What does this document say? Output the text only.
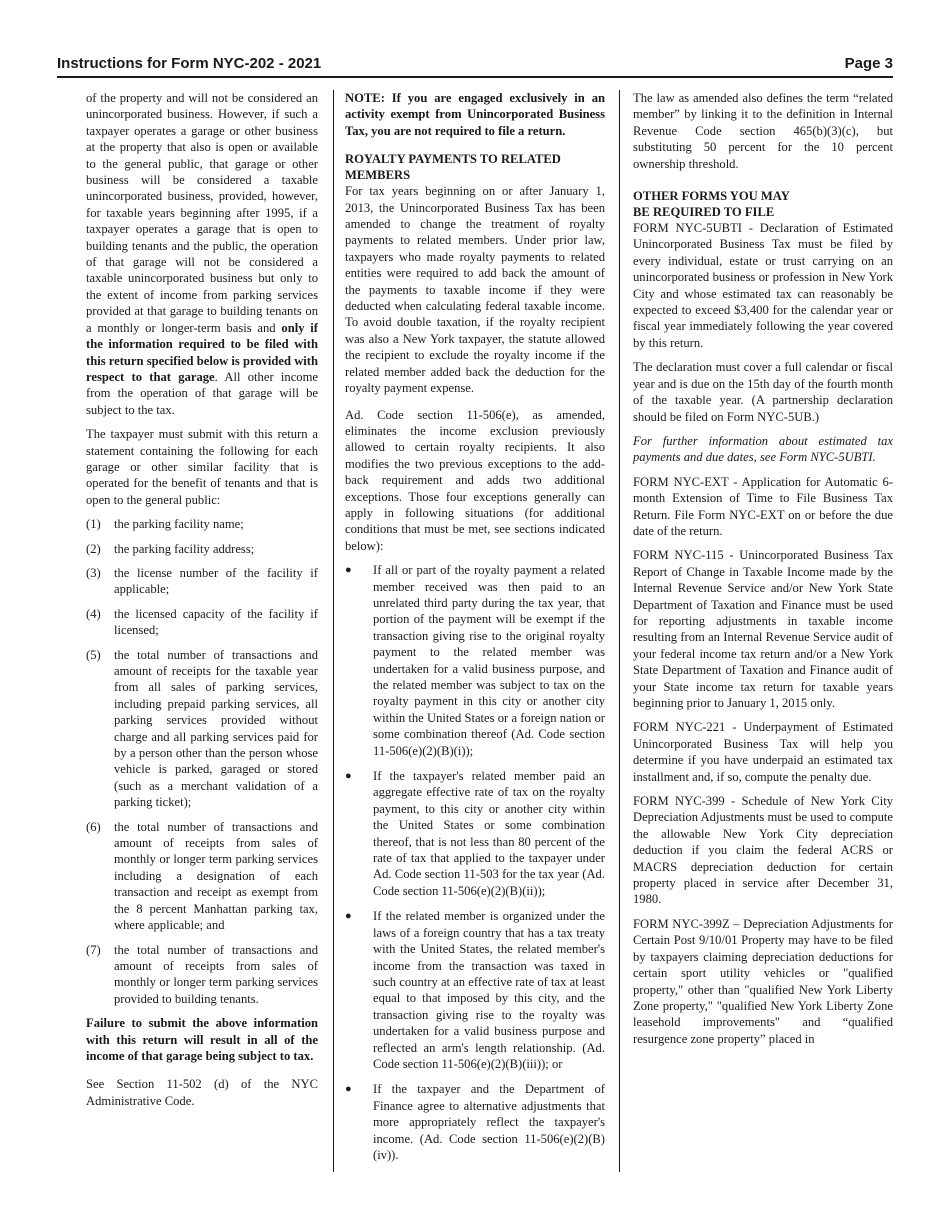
Instructions for Form NYC-202 - 2021	Page 3

of the property and will not be considered an unincorporated business. However, if such a taxpayer operates a garage or other business at the property that also is open or available to the general public, that garage or other business will be considered a taxable unincorporated business, provided, however, for taxable years beginning after 1995, if a taxpayer operates a garage that is open to building tenants and the public, the operation of that garage will not be considered a taxable unincorporated business but only to the extent of income from parking services provided at that garage to building tenants on a monthly or longer-term basis and only if the information required to be filed with this return specified below is provided with respect to that garage. All other income from the operation of that garage will be subject to the tax.

The taxpayer must submit with this return a statement containing the following for each garage or other similar facility that is operated for the benefit of tenants and that is open to the general public:

(1) the parking facility name;
(2) the parking facility address;
(3) the license number of the facility if applicable;
(4) the licensed capacity of the facility if licensed;
(5) the total number of transactions and amount of receipts for the taxable year from all sales of parking services, including prepaid parking services, all parking services provided without charge and all parking services paid for by a person other than the person whose vehicle is parked, garaged or stored (such as a merchant validation of a parking ticket);
(6) the total number of transactions and amount of receipts from sales of monthly or longer term parking services including a designation of each transaction and receipt as exempt from the 8 percent Manhattan parking tax, where applicable; and
(7) the total number of transactions and amount of receipts from sales of monthly or longer term parking services provided to building tenants.

Failure to submit the above information with this return will result in all of the income of that garage being subject to tax.

See Section 11-502 (d) of the NYC Administrative Code.

NOTE: If you are engaged exclusively in an activity exempt from Unincorporated Business Tax, you are not required to file a return.

ROYALTY PAYMENTS TO RELATED MEMBERS

For tax years beginning on or after January 1, 2013, the Unincorporated Business Tax has been amended to change the treatment of royalty payments to related members. Under prior law, taxpayers who made royalty payments to related entities were required to add back the amount of the payments to taxable income if they were deducted when calculating federal taxable income. To avoid double taxation, if the royalty recipient was also a New York taxpayer, the statute allowed the recipient to exclude the royalty income if the related member added back the deduction for the royalty payment expense.

Ad. Code section 11-506(e), as amended, eliminates the income exclusion previously allowed to certain royalty recipients. It also modifies the two previous exceptions to the add-back requirement and adds two additional exceptions. Those four exceptions generally can apply in following situations (for additional conditions that must be met, see sections indicated below):

● If all or part of the royalty payment a related member received was then paid to an unrelated third party during the tax year, that portion of the payment will be exempt if the transaction giving rise to the original royalty payment to the related member was undertaken for a valid business purpose, and the related member was subject to tax on the royalty payment in this city or another city within the United States or a foreign nation or some combination thereof (Ad. Code section 11-506(e)(2)(B)(i));
● If the taxpayer's related member paid an aggregate effective rate of tax on the royalty payment, to this city or another city within the United States or some combination thereof, that is not less than 80 percent of the rate of tax that applied to the taxpayer under Ad. Code section 11-503 for the tax year (Ad. Code section 11-506(e)(2)(B)(ii));
● If the related member is organized under the laws of a foreign country that has a tax treaty with the United States, the related member's income from the transaction was taxed in such country at an effective rate of tax at least equal to that imposed by this city, and the transaction giving rise to the royalty was undertaken for a valid business purpose and reflected an arm's length relationship. (Ad. Code section 11-506(e)(2)(B)(iii)); or
● If the taxpayer and the Department of Finance agree to alternative adjustments that more appropriately reflect the taxpayer's income. (Ad. Code section 11-506(e)(2)(B)(iv)).

The law as amended also defines the term “related member” by linking it to the definition in Internal Revenue Code section 465(b)(3)(c), but substituting 50 percent for the 10 percent ownership threshold.

OTHER FORMS YOU MAY
BE REQUIRED TO FILE

FORM NYC-5UBTI - Declaration of Estimated Unincorporated Business Tax must be filed by every individual, estate or trust carrying on an unincorporated business or profession in New York City and whose estimated tax can reasonably be expected to exceed $3,400 for the calendar year or fiscal year immediately following the year covered by this return.

The declaration must cover a full calendar or fiscal year and is due on the 15th day of the fourth month of the taxable year. (A partnership declaration should be filed on Form NYC-5UB.)

For further information about estimated tax payments and due dates, see Form NYC-5UBTI.

FORM NYC-EXT - Application for Automatic 6-month Extension of Time to File Business Tax Return. File Form NYC-EXT on or before the due date of the return.

FORM NYC-115 - Unincorporated Business Tax Report of Change in Taxable Income made by the Internal Revenue Service and/or New York State Department of Taxation and Finance must be used for reporting adjustments in taxable income resulting from an Internal Revenue Service audit of your federal income tax return and/or a New York State Department of Taxation and Finance audit of your State income tax return for taxable years beginning prior to January 1, 2015 only.

FORM NYC-221 - Underpayment of Estimated Unincorporated Business Tax will help you determine if you have underpaid an estimated tax installment and, if so, compute the penalty due.

FORM NYC-399 - Schedule of New York City Depreciation Adjustments must be used to compute the allowable New York City depreciation deduction if you claim the federal ACRS or MACRS depreciation deduction for certain property placed in service after December 31, 1980.

FORM NYC-399Z – Depreciation Adjustments for Certain Post 9/10/01 Property may have to be filed by taxpayers claiming depreciation deductions for certain sport utility vehicles or "qualified property," other than "qualified New York Liberty Zone property," "qualified New York Liberty Zone leasehold improvements" and “qualified resurgence zone property” placed in
